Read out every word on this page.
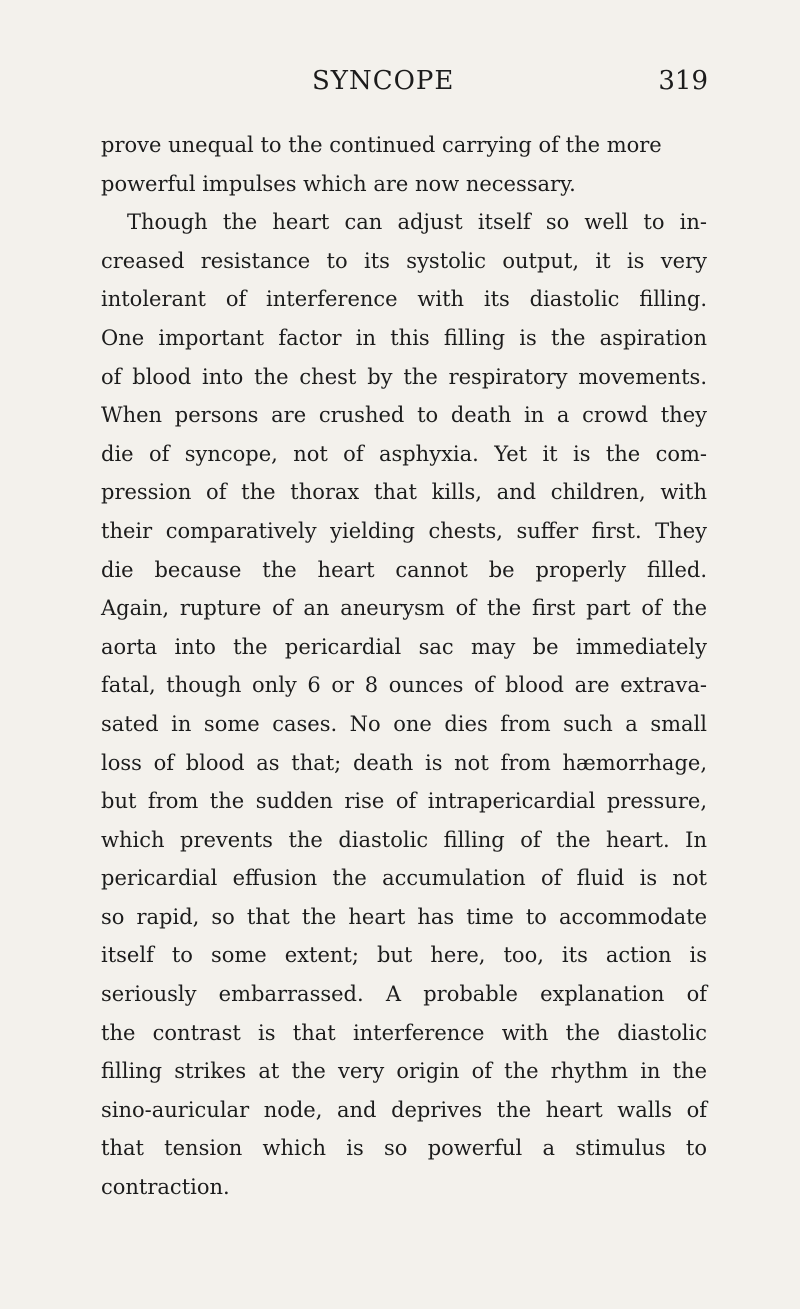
SYNCOPE	319
prove unequal to the continued carrying of the more
powerful impulses which are now necessary.
Though the heart can adjust itself so well to in-
creased resistance to its systolic output, it is very
intolerant of interference with its diastolic filling.
One important factor in this filling is the aspiration
of blood into the chest by the respiratory movements.
When persons are crushed to death in a crowd they
die of syncope, not of asphyxia. Yet it is the com-
pression of the thorax that kills, and children, with
their comparatively yielding chests, suffer first. They
die because the heart cannot be properly filled.
Again, rupture of an aneurysm of the first part of the
aorta into the pericardial sac may be immediately
fatal, though only 6 or 8 ounces of blood are extrava-
sated in some cases. No one dies from such a small
loss of blood as that; death is not from hæmorrhage,
but from the sudden rise of intrapericardial pressure,
which prevents the diastolic filling of the heart. In
pericardial effusion the accumulation of fluid is not
so rapid, so that the heart has time to accommodate
itself to some extent; but here, too, its action is
seriously embarrassed. A probable explanation of
the contrast is that interference with the diastolic
filling strikes at the very origin of the rhythm in the
sino-auricular node, and deprives the heart walls of
that tension which is so powerful a stimulus to
contraction.
